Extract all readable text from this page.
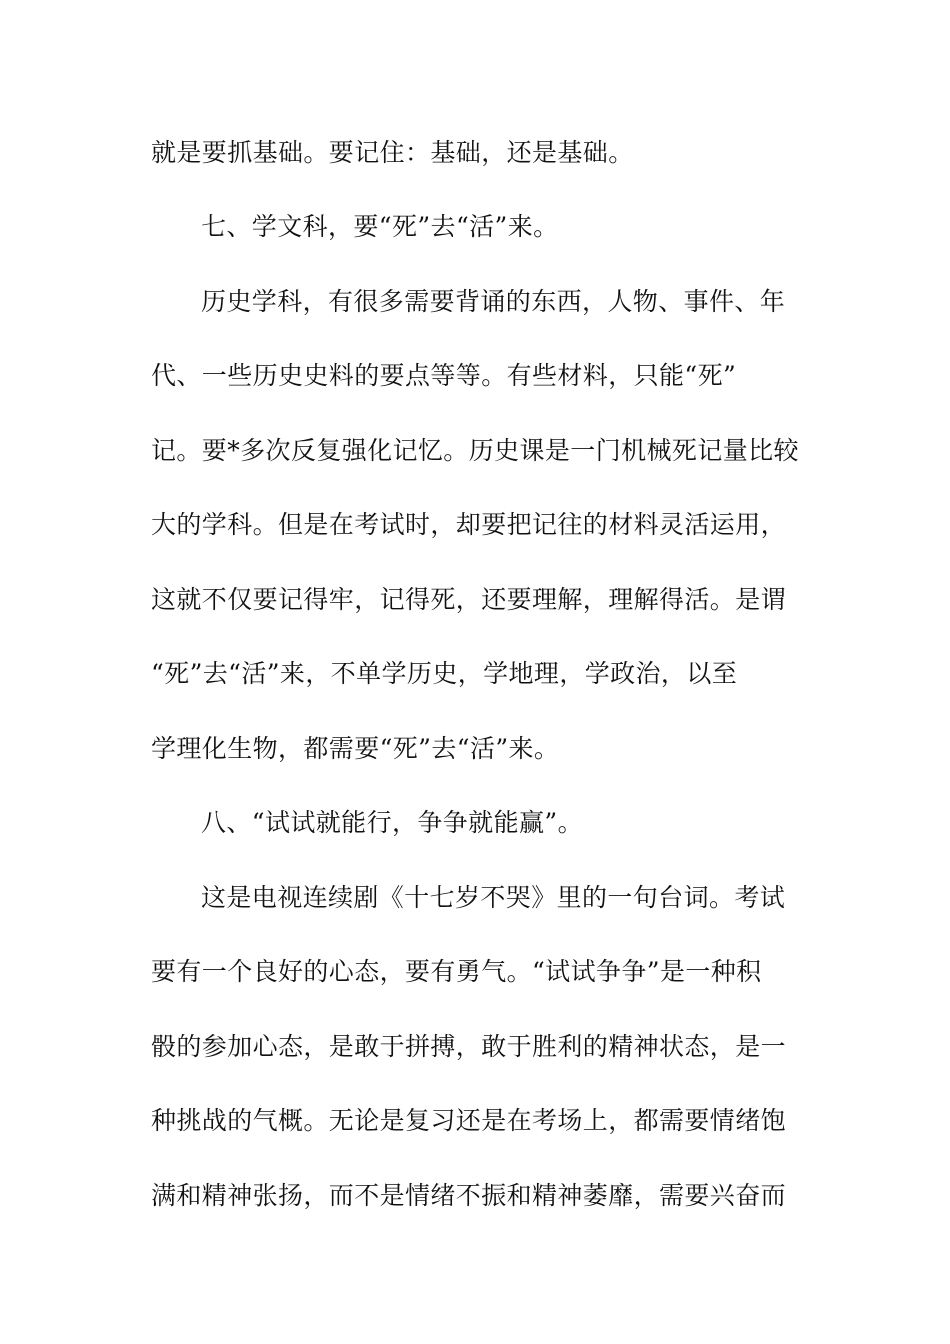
就是要抓基础。要记住：基础，还是基础。
七、学文科，要“死”去“活”来。
历史学科，有很多需要背诵的东西，人物、事件、年
代、一些历史史料的要点等等。有些材料，只能“死”
记。要*多次反复强化记忆。历史课是一门机械死记量比较
大的学科。但是在考试时，却要把记往的材料灵活运用，
这就不仅要记得牢，记得死，还要理解，理解得活。是谓
“死”去“活”来，不单学历史，学地理，学政治，以至
学理化生物，都需要“死”去“活”来。
八、“试试就能行，争争就能赢”。
这是电视连续剧《十七岁不哭》里的一句台词。考试
要有一个良好的心态，要有勇气。“试试争争”是一种积
骰的参加心态，是敢于拼搏，敢于胜利的精神状态，是一
种挑战的气概。无论是复习还是在考场上，都需要情绪饱
满和精神张扬，而不是情绪不振和精神萎靡，需要兴奋而
